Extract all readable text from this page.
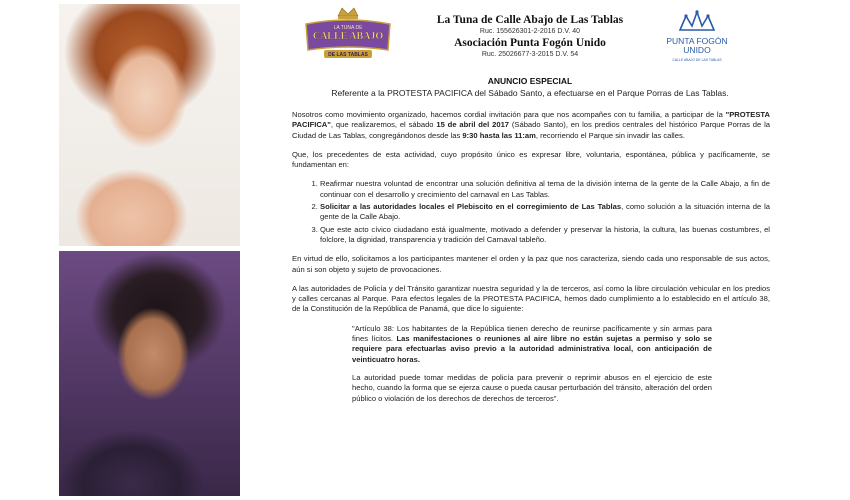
LA TUNA DE
CALLE ABAJO
DE LAS TABLAS
La Tuna de Calle Abajo de Las Tablas
Ruc. 155626301-2-2016 D.V. 40
Asociación Punta Fogón Unido
Ruc. 25026677-3-2015 D.V. 54
PUNTA FOGÓN
UNIDO
CALLE ABAJO DE LAS TABLAS
ANUNCIO ESPECIAL
Referente a la PROTESTA PACIFICA del Sábado Santo, a efectuarse en el Parque Porras de Las Tablas.

Nosotros como movimiento organizado, hacemos cordial invitación para que nos acompañes con tu familia, a participar de la "PROTESTA PACIFICA", que realizaremos, el sábado 15 de abril del 2017 (Sábado Santo), en los predios centrales del histórico Parque Porras de la Ciudad de Las Tablas, congregándonos desde las 9:30 hasta las 11:am, recorriendo el Parque sin invadir las calles.

Que, los precedentes de esta actividad, cuyo propósito único es expresar libre, voluntaria, espontánea, pública y pacíficamente, se fundamentan en:

1. Reafirmar nuestra voluntad de encontrar una solución definitiva al tema de la división interna de la gente de la Calle Abajo, a fin de continuar con el desarrollo y crecimiento del carnaval en Las Tablas.
2. Solicitar a las autoridades locales el Plebiscito en el corregimiento de Las Tablas, como solución a la situación interna de la gente de la Calle Abajo.
3. Que este acto cívico ciudadano está igualmente, motivado a defender y preservar la historia, la cultura, las buenas costumbres, el folclore, la dignidad, transparencia y tradición del Carnaval tableño.

En virtud de ello, solicitamos a los participantes mantener el orden y la paz que nos caracteriza, siendo cada uno responsable de sus actos, aún si son objeto y sujeto de provocaciones.

A las autoridades de Policía y del Tránsito garantizar nuestra seguridad y la de terceros, así como la libre circulación vehicular en los predios y calles cercanas al Parque. Para efectos legales de la PROTESTA PACIFICA, hemos dado cumplimiento a lo establecido en el artículo 38, de la Constitución de la República de Panamá, que dice lo siguiente:

"Artículo 38: Los habitantes de la República tienen derecho de reunirse pacíficamente y sin armas para fines lícitos. Las manifestaciones o reuniones al aire libre no están sujetas a permiso y solo se requiere para efectuarlas aviso previo a la autoridad administrativa local, con anticipación de veinticuatro horas.

La autoridad puede tomar medidas de policía para prevenir o reprimir abusos en el ejercicio de este hecho, cuando la forma que se ejerza cause o pueda causar perturbación del tránsito, alteración del orden público o violación de los derechos de derechos de terceros".
